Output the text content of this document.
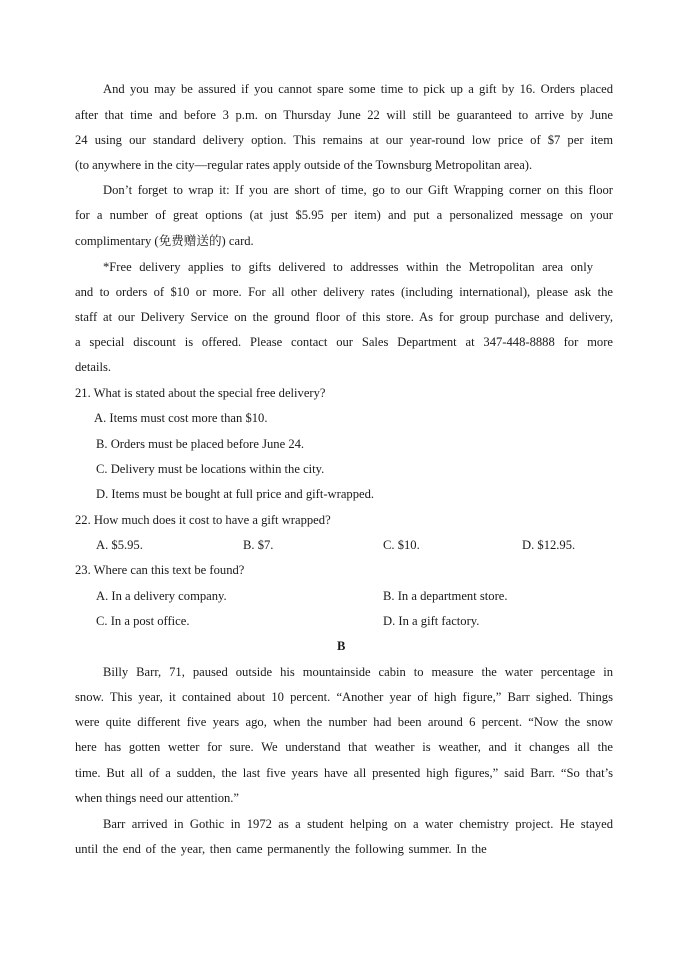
And you may be assured if you cannot spare some time to pick up a gift by 16. Orders placed
after that time and before 3 p.m. on Thursday June 22 will still be guaranteed to arrive by June
24 using our standard delivery option. This remains at our year-round low price of $7 per item
(to anywhere in the city—regular rates apply outside of the Townsburg Metropolitan area).
Don’t forget to wrap it: If you are short of time, go to our Gift Wrapping corner on this floor
for a number of great options (at just $5.95 per item) and put a personalized message on your
complimentary (免费赠送的) card.
*Free delivery applies to gifts delivered to addresses within the Metropolitan area only
and to orders of $10 or more. For all other delivery rates (including international), please ask the
staff at our Delivery Service on the ground floor of this store. As for group purchase and delivery,
a special discount is offered. Please contact our Sales Department at 347-448-8888 for more
details.
21. What is stated about the special free delivery?
A. Items must cost more than $10.
B. Orders must be placed before June 24.
C. Delivery must be locations within the city.
D. Items must be bought at full price and gift-wrapped.
22. How much does it cost to have a gift wrapped?
A. $5.95.	B. $7.	C. $10.	D. $12.95.
23. Where can this text be found?
A. In a delivery company.	B. In a department store.
C. In a post office.	D. In a gift factory.
B
Billy Barr, 71, paused outside his mountainside cabin to measure the water percentage in
snow. This year, it contained about 10 percent. “Another year of high figure,” Barr sighed. Things
were quite different five years ago, when the number had been around 6 percent. “Now the snow
here has gotten wetter for sure. We understand that weather is weather, and it changes all the
time. But all of a sudden, the last five years have all presented high figures,” said Barr. “So that’s
when things need our attention.”
Barr arrived in Gothic in 1972 as a student helping on a water chemistry project. He stayed
until the end of the year, then came permanently the following summer. In the
